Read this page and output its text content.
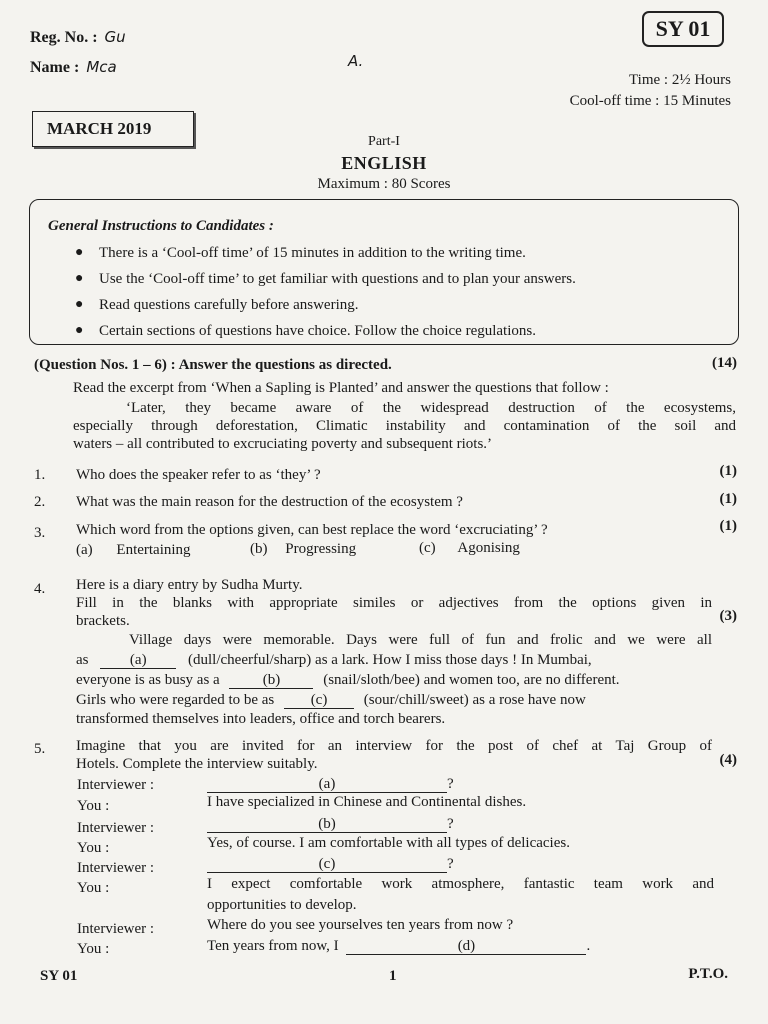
SY 01
Reg. No. : Gu
Name : Mca	A.
Time : 2½ Hours
Cool-off time : 15 Minutes
MARCH 2019
Part-I
ENGLISH
Maximum : 80 Scores
General Instructions to Candidates :
● There is a ‘Cool-off time’ of 15 minutes in addition to the writing time.
● Use the ‘Cool-off time’ to get familiar with questions and to plan your answers.
● Read questions carefully before answering.
● Certain sections of questions have choice. Follow the choice regulations.
(Question Nos. 1 – 6) : Answer the questions as directed.	(14)
Read the excerpt from ‘When a Sapling is Planted’ and answer the questions that follow :
‘Later, they became aware of the widespread destruction of the ecosystems,
especially through deforestation, Climatic instability and contamination of the soil and
waters – all contributed to excruciating poverty and subsequent riots.’
1. Who does the speaker refer to as ‘they’ ?	(1)
2. What was the main reason for the destruction of the ecosystem ?	(1)
3. Which word from the options given, can best replace the word ‘excruciating’ ?	(1)
(a) Entertaining	(b) Progressing	(c) Agonising
4. Here is a diary entry by Sudha Murty.
Fill in the blanks with appropriate similes or adjectives from the options given in
brackets.	(3)
Village days were memorable. Days were full of fun and frolic and we were all
as	(a)	(dull/cheerful/sharp) as a lark. How I miss those days ! In Mumbai,
everyone is as busy as a	(b)	(snail/sloth/bee) and women too, are no different.
Girls who were regarded to be as (c) (sour/chill/sweet) as a rose have now
transformed themselves into leaders, office and torch bearers.
5. Imagine that you are invited for an interview for the post of chef at Taj Group of
Hotels. Complete the interview suitably.	(4)
Interviewer :	(a)	?
You :	I have specialized in Chinese and Continental dishes.
Interviewer :	(b)	?
You :	Yes, of course. I am comfortable with all types of delicacies.
Interviewer :	(c)	?
You :	I expect comfortable work atmosphere, fantastic team work and
opportunities to develop.
Interviewer :	Where do you see yourselves ten years from now ?
You :	Ten years from now, I	(d)	.
SY 01	1	P.T.O.
